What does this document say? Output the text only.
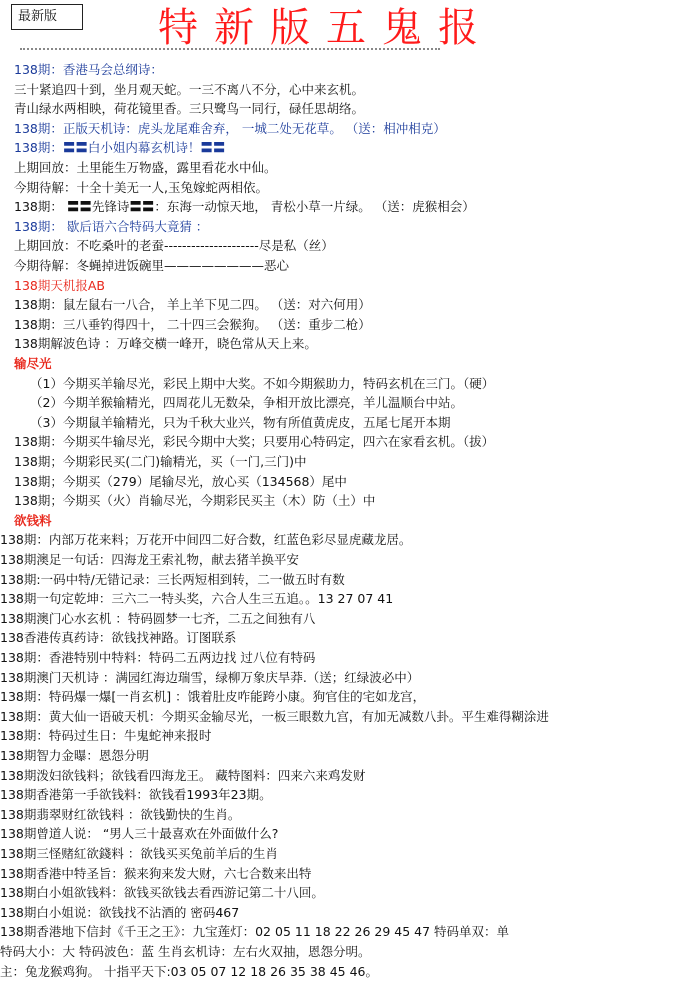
最新版	特新版五鬼报
138期：香港马会总纲诗：
三十紧追四十到，坐月观天蛇。一三不离八不分，心中来玄机。
青山绿水两相映，荷花镜里香。三只鹭鸟一同行，碌任思胡络。
138期：正版天机诗：虎头龙尾难舍弃， 一城二处无花草。 （送：相冲相克）
138期：〓〓白小姐内幕玄机诗！〓〓
上期回放：土里能生万物盛，露里看花水中仙。
今期待解：十全十美无一人,玉兔嫁蛇两相依。
138期： 〓〓先锋诗〓〓：东海一动惊天地， 青松小草一片绿。 （送：虎猴相会）
138期： 歇后语六合特码大竟猜 ：
上期回放：不吃桑叶的老蚕---------------------尽是私（丝）
今期待解：冬蝇掉进饭碗里————————恶心
138期天机报AB
138期：鼠左鼠右一八合， 羊上羊下见二四。 （送：对六何用）
138期：三八垂钓得四十， 二十四三会猴狗。 （送：重步二枪）
138期解波色诗 ：万峰交横一峰开，晓色常从天上来。
输尽光
（1）今期买羊输尽光，彩民上期中大奖。不如今期猴助力，特码玄机在三门。（硬）
（2）今期羊猴输精光，四周花儿无数朵，争相开放比漂亮，羊儿温顺台中站。
（3）今期鼠羊输精光，只为千秋大业兴，物有所值黄虎皮，五尾七尾开本期
138期：今期买牛输尽光，彩民今期中大奖；只要用心特码定，四六在家看玄机。（拔）
138期；今期彩民买(二门)输精光，买（一门,三门)中
138期；今期买（279）尾输尽光，放心买（134568）尾中
138期；今期买（火）肖输尽光，今期彩民买主（木）防（土）中
欲钱料
138期：内部万花来料；万花开中间四二好合数，红蓝色彩尽显虎藏龙居。
138期澳足一句话：四海龙王索礼物，献去猪羊换平安
138期:一码中特/无错记录：三长两短相到转，二一做五时有数
138期一句定乾坤：三六二一特头奖，六合人生三五追。。13 27 07 41
138期澳门心水玄机 ：特码圆梦一七齐，二五之间独有八
138香港传真药诗：欲钱找神路。订图联系
138期：香港特别中特料：特码二五两边找 过八位有特码
138期澳门天机诗 ：满园红海边瑞雪，绿柳万象庆旱莽.（送；红绿波必中）
138期：特码爆一爆[一肖玄机] ：饿着肚皮咋能跨小康。狗官住的宅如龙宫，
138期：黄大仙一语破天机：今期买金输尽光，一板三眼数九宫，有加无减数八卦。平生难得糊涂进
138期：特码过生日：牛鬼蛇神来报时
138期智力金曝：恩怨分明
138期泼妇欲钱料；欲钱看四海龙王。 藏特图料：四来六来鸡发财
138期香港第一手欲钱料：欲钱看1993年23期。
138期翡翠财红欲钱料 ：欲钱勤快的生肖。
138期曾道人说： “男人三十最喜欢在外面做什么?
138期三怪赌紅欲錢料 ：欲钱买买兔前羊后的生肖
138期香港中特圣旨：猴来狗来发大财，六七合数来出特
138期白小姐欲钱料：欲钱买欲钱去看西游记第二十八回。
138期白小姐说：欲钱找不沾酒的 密码467
138期香港地下信封《千王之王》：九宝莲灯：02 05 11 18 22 26 29 45 47 特码单双：单
特码大小：大 特码波色：蓝 生肖玄机诗：左右火双抽，恩怨分明。
主：兔龙猴鸡狗。 十指平天下:03 05 07 12 18 26 35 38 45 46。
